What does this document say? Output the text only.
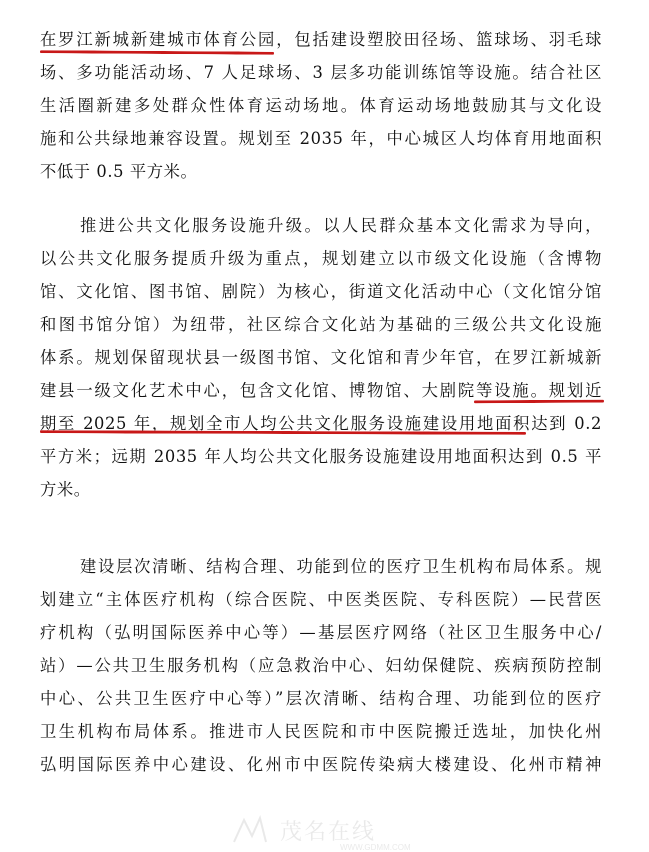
在罗江新城新建城市体育公园，包括建设塑胶田径场、篮球场、羽毛球
场、多功能活动场、7 人足球场、3 层多功能训练馆等设施。结合社区
生活圈新建多处群众性体育运动场地。体育运动场地鼓励其与文化设
施和公共绿地兼容设置。规划至 2035 年，中心城区人均体育用地面积
不低于 0.5 平方米。
推进公共文化服务设施升级。以人民群众基本文化需求为导向，
以公共文化服务提质升级为重点，规划建立以市级文化设施（含博物
馆、文化馆、图书馆、剧院）为核心，街道文化活动中心（文化馆分馆
和图书馆分馆）为纽带，社区综合文化站为基础的三级公共文化设施
体系。规划保留现状县一级图书馆、文化馆和青少年官，在罗江新城新
建县一级文化艺术中心，包含文化馆、博物馆、大剧院等设施。规划近
期至 2025 年，规划全市人均公共文化服务设施建设用地面积达到 0.2
平方米；远期 2035 年人均公共文化服务设施建设用地面积达到 0.5 平
方米。
建设层次清晰、结构合理、功能到位的医疗卫生机构布局体系。规
划建立“主体医疗机构（综合医院、中医类医院、专科医院）—民营医
疗机构（弘明国际医养中心等）—基层医疗网络（社区卫生服务中心/
站）—公共卫生服务机构（应急救治中心、妇幼保健院、疾病预防控制
中心、公共卫生医疗中心等）”层次清晰、结构合理、功能到位的医疗
卫生机构布局体系。推进市人民医院和市中医院搬迁选址，加快化州
弘明国际医养中心建设、化州市中医院传染病大楼建设、化州市精神
茂名在线
WWW.GDMM.COM
